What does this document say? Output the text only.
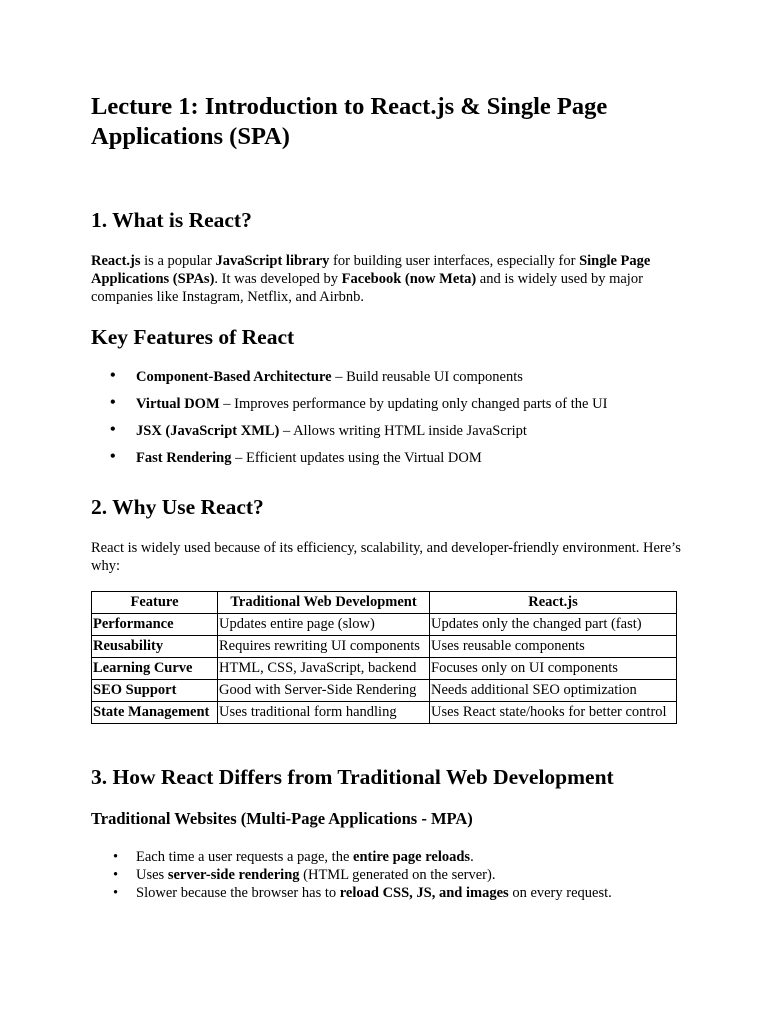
Lecture 1: Introduction to React.js & Single Page Applications (SPA)
1. What is React?

React.js is a popular JavaScript library for building user interfaces, especially for Single Page Applications (SPAs). It was developed by Facebook (now Meta) and is widely used by major companies like Instagram, Netflix, and Airbnb.

Key Features of React
• Component-Based Architecture – Build reusable UI components
• Virtual DOM – Improves performance by updating only changed parts of the UI
• JSX (JavaScript XML) – Allows writing HTML inside JavaScript
• Fast Rendering – Efficient updates using the Virtual DOM
2. Why Use React?

React is widely used because of its efficiency, scalability, and developer-friendly environment. Here’s why:

Feature	Traditional Web Development	React.js
Performance	Updates entire page (slow)	Updates only the changed part (fast)
Reusability	Requires rewriting UI components	Uses reusable components
Learning Curve	HTML, CSS, JavaScript, backend	Focuses only on UI components
SEO Support	Good with Server-Side Rendering	Needs additional SEO optimization
State Management	Uses traditional form handling	Uses React state/hooks for better control
3. How React Differs from Traditional Web Development
Traditional Websites (Multi-Page Applications - MPA)
• Each time a user requests a page, the entire page reloads.
• Uses server-side rendering (HTML generated on the server).
• Slower because the browser has to reload CSS, JS, and images on every request.
